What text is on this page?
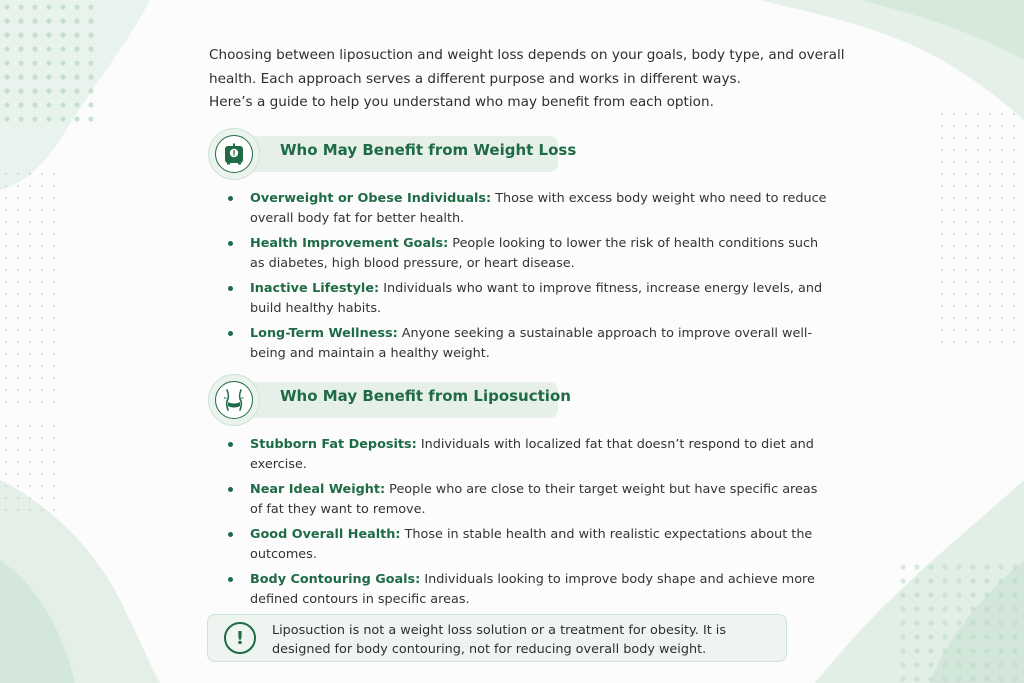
Choosing between liposuction and weight loss depends on your goals, body type, and overall

health. Each approach serves a different purpose and works in different ways.

Here’s a guide to help you understand who may benefit from each option.

Who May Benefit from Weight Loss
Overweight or Obese Individuals: Those with excess body weight who need to reduce overall body fat for better health.
Health Improvement Goals: People looking to lower the risk of health conditions such as diabetes, high blood pressure, or heart disease.
Inactive Lifestyle: Individuals who want to improve fitness, increase energy levels, and build healthy habits.
Long-Term Wellness: Anyone seeking a sustainable approach to improve overall well-being and maintain a healthy weight.
Who May Benefit from Liposuction
Stubborn Fat Deposits: Individuals with localized fat that doesn’t respond to diet and exercise.
Near Ideal Weight: People who are close to their target weight but have specific areas of fat they want to remove.
Good Overall Health: Those in stable health and with realistic expectations about the outcomes.
Body Contouring Goals: Individuals looking to improve body shape and achieve more defined contours in specific areas.
!	Liposuction is not a weight loss solution or a treatment for obesity. It is designed for body contouring, not for reducing overall body weight.
